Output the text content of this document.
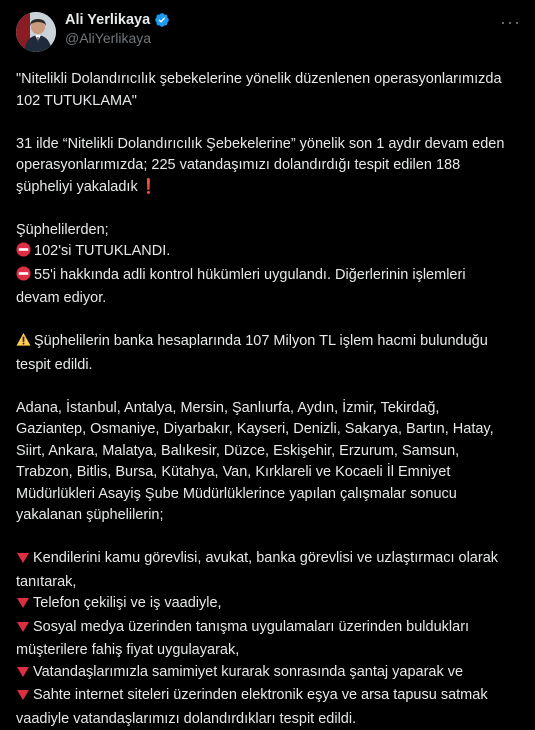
Ali Yerlikaya
@AliYerlikaya
···

"Nitelikli Dolandırıcılık şebekelerine yönelik düzenlenen operasyonlarımızda 102 TUTUKLAMA"

31 ilde “Nitelikli Dolandırıcılık Şebekelerine” yönelik son 1 aydır devam eden operasyonlarımızda; 225 vatandaşımızı dolandırdığı tespit edilen 188 şüpheliyi yakaladık ❗

Şüphelilerden;

102'si TUTUKLANDI.

55'i hakkında adli kontrol hükümleri uygulandı. Diğerlerinin işlemleri devam ediyor.

Şüphelilerin banka hesaplarında 107 Milyon TL işlem hacmi bulunduğu tespit edildi.

Adana, İstanbul, Antalya, Mersin, Şanlıurfa, Aydın, İzmir, Tekirdağ, Gaziantep, Osmaniye, Diyarbakır, Kayseri, Denizli, Sakarya, Bartın, Hatay, Siirt, Ankara, Malatya, Balıkesir, Düzce, Eskişehir, Erzurum, Samsun, Trabzon, Bitlis, Bursa, Kütahya, Van, Kırklareli ve Kocaeli İl Emniyet Müdürlükleri Asayiş Şube Müdürlüklerince yapılan çalışmalar sonucu yakalanan şüphelilerin;

Kendilerini kamu görevlisi, avukat, banka görevlisi ve uzlaştırmacı olarak tanıtarak,

Telefon çekilişi ve iş vaadiyle,

Sosyal medya üzerinden tanışma uygulamaları üzerinden buldukları müşterilere fahiş fiyat uygulayarak,

Vatandaşlarımızla samimiyet kurarak sonrasında şantaj yaparak ve

Sahte internet siteleri üzerinden elektronik eşya ve arsa tapusu satmak vaadiyle vatandaşlarımızı dolandırdıkları tespit edildi.
